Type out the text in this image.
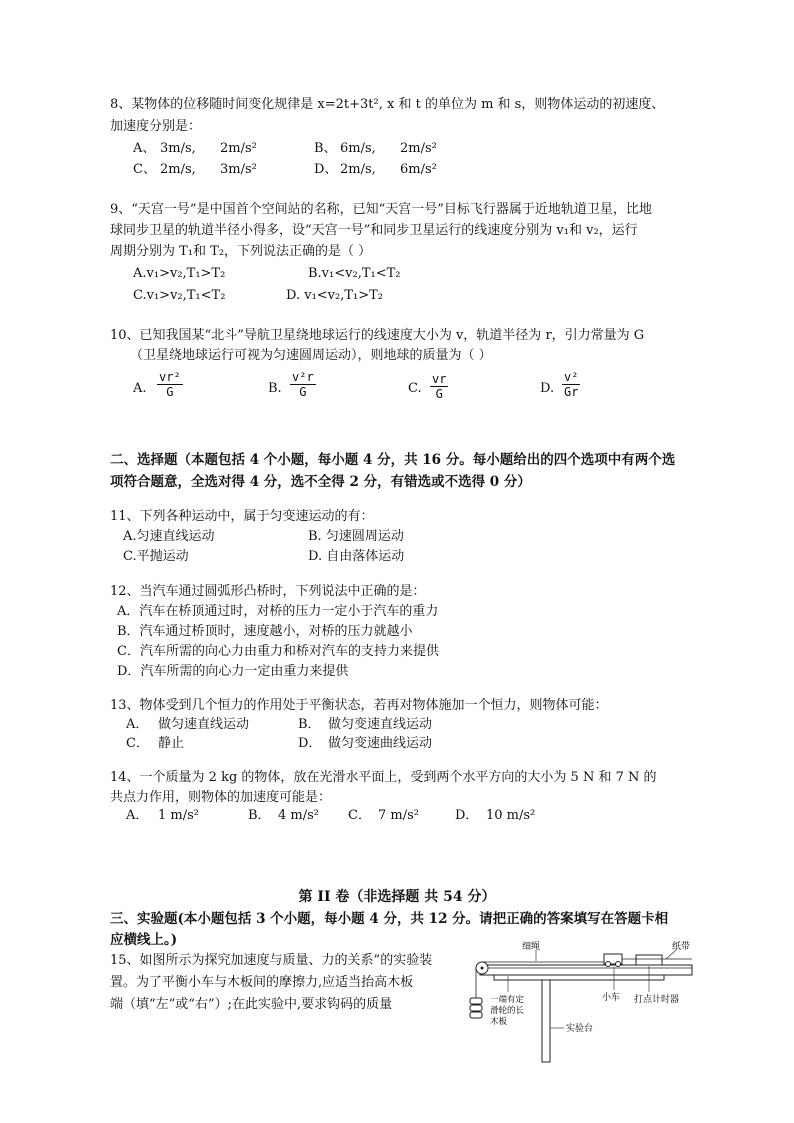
8、某物体的位移随时间变化规律是 x=2t+3t², x 和 t 的单位为 m 和 s，则物体运动的初速度、
加速度分别是：
A、 3m/s, 2m/s²	B、 6m/s, 2m/s²
C、 2m/s, 3m/s²	D、 2m/s, 6m/s²
9、“天宫一号”是中国首个空间站的名称，已知“天宫一号”目标飞行器属于近地轨道卫星，比地
球同步卫星的轨道半径小得多，设“天宫一号”和同步卫星运行的线速度分别为 v₁和 v₂，运行
周期分别为 T₁和 T₂，下列说法正确的是（ ）
A.v₁>v₂,T₁>T₂	B.v₁<v₂,T₁<T₂
C.v₁>v₂,T₁<T₂	D. v₁<v₂,T₁>T₂
10、已知我国某“北斗”导航卫星绕地球运行的线速度大小为 v，轨道半径为 r，引力常量为 G
（卫星绕地球运行可视为匀速圆周运动），则地球的质量为（ ）
A. $\frac{\text{vr²}}{G}$	B. $\frac{\text{v²r}}{G}$	C. $\frac{vr}{G}$	D. $\frac{\text{v²}}{Gr}$
二、选择题（本题包括 4 个小题，每小题 4 分，共 16 分。每小题给出的四个选项中有两个选
项符合题意，全选对得 4 分，选不全得 2 分，有错选或不选得 0 分）
11、下列各种运动中，属于匀变速运动的有：
A.匀速直线运动	B. 匀速圆周运动
C.平抛运动	D. 自由落体运动
12、当汽车通过圆弧形凸桥时，下列说法中正确的是：
A．汽车在桥顶通过时，对桥的压力一定小于汽车的重力
B．汽车通过桥顶时，速度越小，对桥的压力就越小
C．汽车所需的向心力由重力和桥对汽车的支持力来提供
D．汽车所需的向心力一定由重力来提供
13、物体受到几个恒力的作用处于平衡状态，若再对物体施加一个恒力，则物体可能：
A． 做匀速直线运动	B． 做匀变速直线运动
C． 静止	D． 做匀变速曲线运动
14、一个质量为 2 kg 的物体，放在光滑水平面上，受到两个水平方向的大小为 5 N 和 7 N 的
共点力作用，则物体的加速度可能是：
A． 1 m/s²	B． 4 m/s² C． 7 m/s²	D． 10 m/s²
第 II 卷（非选择题 共 54 分）
三、实验题(本小题包括 3 个小题，每小题 4 分，共 12 分。请把正确的答案填写在答题卡相
应横线上。)
15、如图所示为探究加速度与质量、力的关系”的实验装
置。为了平衡小车与木板间的摩擦力,应适当抬高木板
端（填“左”或“右”）;在此实验中,要求钩码的质量
细绳	纸带
小车 打点计时器
一端有定
滑轮的长
木板
实验台
